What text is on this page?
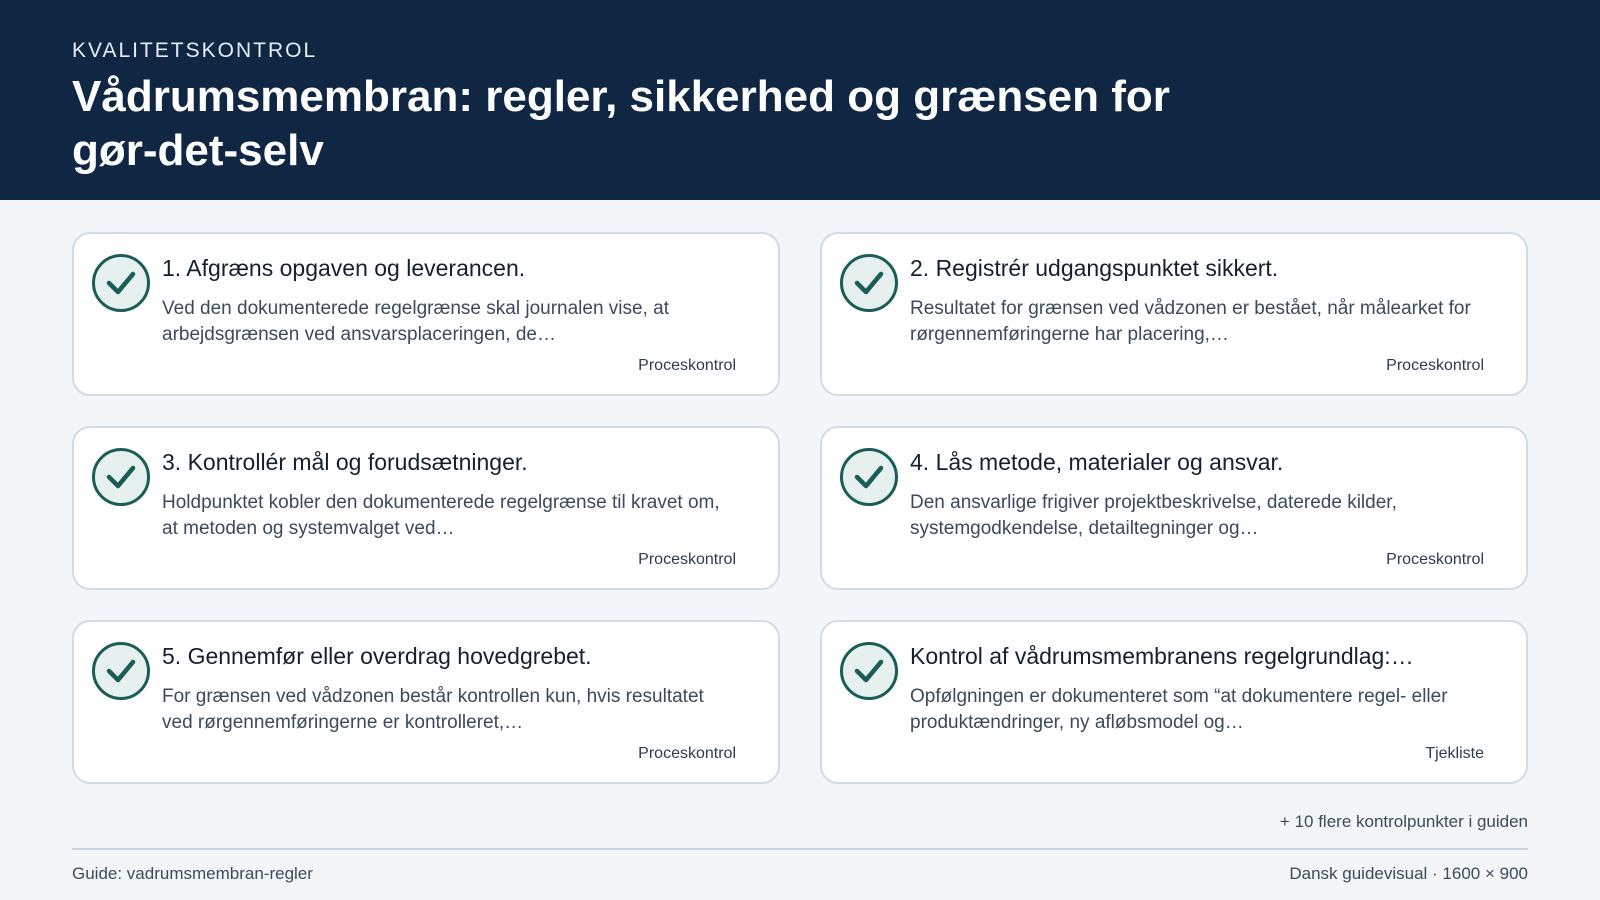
KVALITETSKONTROL
Vådrumsmembran: regler, sikkerhed og grænsen for gør-det-selv
1. Afgræns opgaven og leverancen.
Ved den dokumenterede regelgrænse skal journalen vise, at arbejdsgrænsen ved ansvarsplaceringen, de…
Proceskontrol
2. Registrér udgangspunktet sikkert.
Resultatet for grænsen ved vådzonen er bestået, når målearket for rørgennemføringerne har placering,…
Proceskontrol
3. Kontrollér mål og forudsætninger.
Holdpunktet kobler den dokumenterede regelgrænse til kravet om, at metoden og systemvalget ved…
Proceskontrol
4. Lås metode, materialer og ansvar.
Den ansvarlige frigiver projektbeskrivelse, daterede kilder, systemgodkendelse, detailtegninger og…
Proceskontrol
5. Gennemfør eller overdrag hovedgrebet.
For grænsen ved vådzonen består kontrollen kun, hvis resultatet ved rørgennemføringerne er kontrolleret,…
Proceskontrol
Kontrol af vådrumsmembranens regelgrundlag:…
Opfølgningen er dokumenteret som “at dokumentere regel- eller produktændringer, ny afløbsmodel og…
Tjekliste
+ 10 flere kontrolpunkter i guiden
Guide: vadrumsmembran-regler	Dansk guidevisual · 1600 × 900
